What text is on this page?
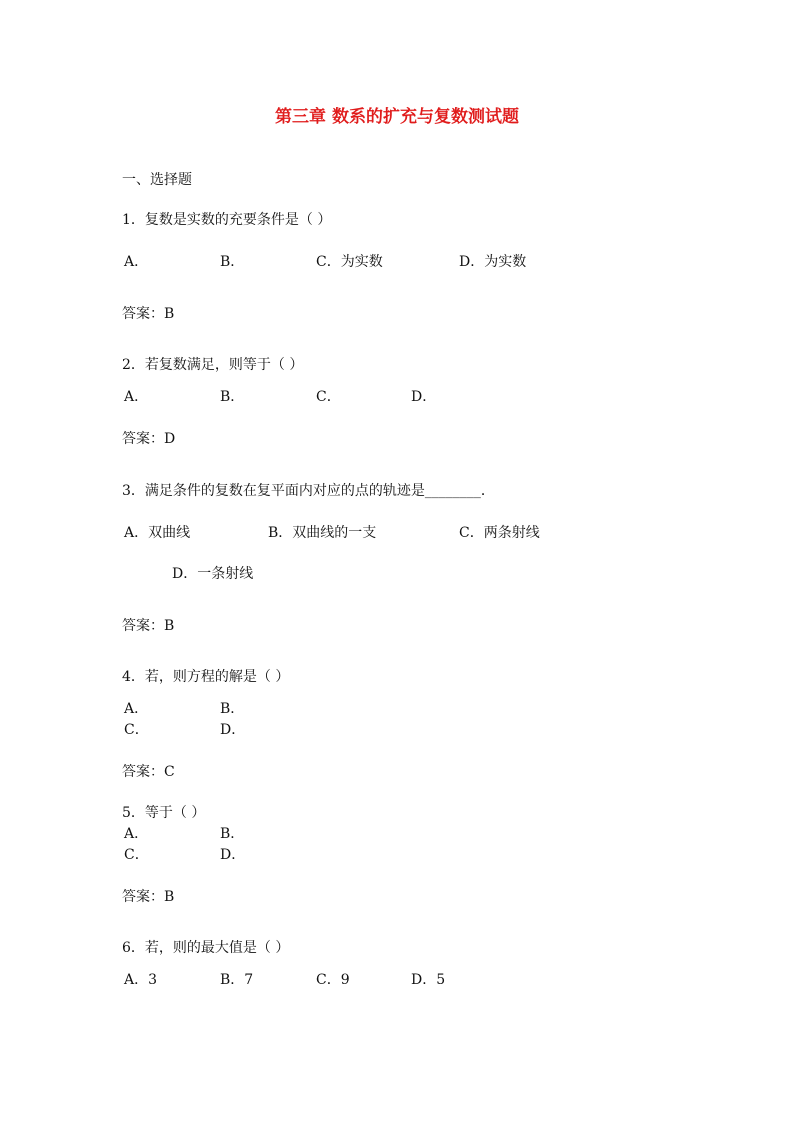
第三章 数系的扩充与复数测试题
一、选择题
1．复数是实数的充要条件是（ ）
A．	B．	C．为实数	D．为实数
答案：B
2．若复数满足，则等于（ ）
A．	B．	C．	D．
答案：D
3．满足条件的复数在复平面内对应的点的轨迹是________．
A．双曲线	B．双曲线的一支	C．两条射线
D．一条射线
答案：B
4．若，则方程的解是（ ）
A．	B．
C．	D．
答案：C
5．等于（ ）
A．	B．
C．	D．
答案：B
6．若，则的最大值是（ ）
A．3	B．7	C．9	D．5
